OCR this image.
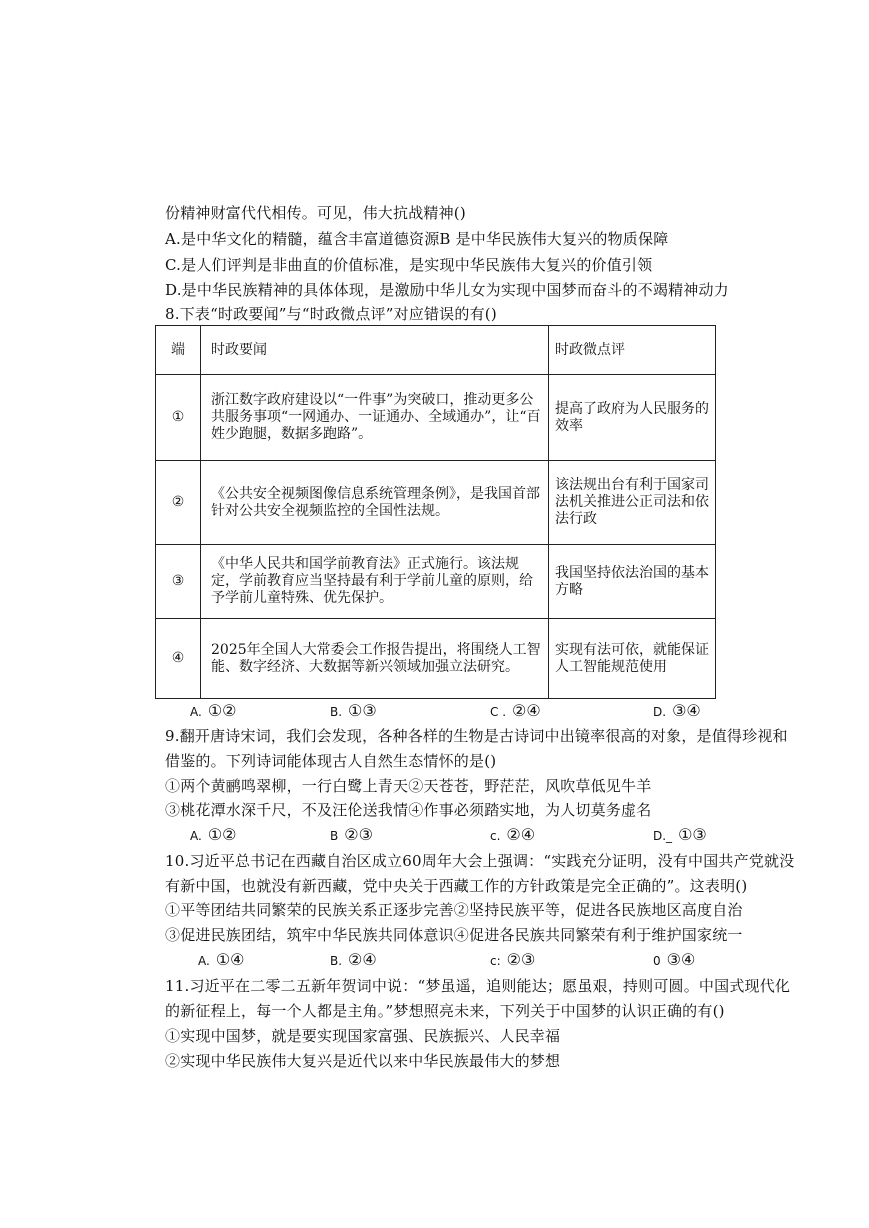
份精神财富代代相传。可见，伟大抗战精神()
A.是中华文化的精髓，蕴含丰富道德资源B 是中华民族伟大复兴的物质保障
C.是人们评判是非曲直的价值标准，是实现中华民族伟大复兴的价值引领
D.是中华民族精神的具体体现，是激励中华儿女为实现中国梦而奋斗的不竭精神动力
8.下表“时政要闻”与“时政微点评”对应错误的有()
端	时政要闻	时政微点评
①	浙江数字政府建设以“一件事”为突破口，推动更多公共服务事项“一网通办、一证通办、全域通办”，让“百姓少跑腿，数据多跑路”。	提高了政府为人民服务的效率
②	《公共安全视频图像信息系统管理条例》，是我国首部针对公共安全视频监控的全国性法规。	该法规出台有利于国家司法机关推进公正司法和依法行政
③	《中华人民共和国学前教育法》正式施行。该法规定，学前教育应当坚持最有利于学前儿童的原则，给予学前儿童特殊、优先保护。	我国坚持依法治国的基本方略
④	2025年全国人大常委会工作报告提出，将围绕人工智能、数字经济、大数据等新兴领域加强立法研究。	实现有法可依，就能保证人工智能规范使用
A. ①②	B. ①③	C . ②④	D. ③④
9.翻开唐诗宋词，我们会发现，各种各样的生物是古诗词中出镜率很高的对象，是值得珍视和
借鉴的。下列诗词能体现古人自然生态情怀的是()
①两个黄鹂鸣翠柳，一行白鹭上青天②天苍苍，野茫茫，风吹草低见牛羊
③桃花潭水深千尺，不及汪伦送我情④作事必须踏实地，为人切莫务虚名
A. ①②	B ②③	c. ②④	D._ ①③
10.习近平总书记在西藏自治区成立60周年大会上强调：“实践充分证明，没有中国共产党就没
有新中国，也就没有新西藏，党中央关于西藏工作的方针政策是完全正确的”。这表明()
①平等团结共同繁荣的民族关系正逐步完善②坚持民族平等，促进各民族地区高度自治
③促进民族团结，筑牢中华民族共同体意识④促进各民族共同繁荣有利于维护国家统一
A. ①④	B. ②④	c: ②③	0 ③④
11.习近平在二零二五新年贺词中说：“梦虽遥，追则能达；愿虽艰，持则可圆。中国式现代化
的新征程上，每一个人都是主角。”梦想照亮未来，下列关于中国梦的认识正确的有()
①实现中国梦，就是要实现国家富强、民族振兴、人民幸福
②实现中华民族伟大复兴是近代以来中华民族最伟大的梦想
